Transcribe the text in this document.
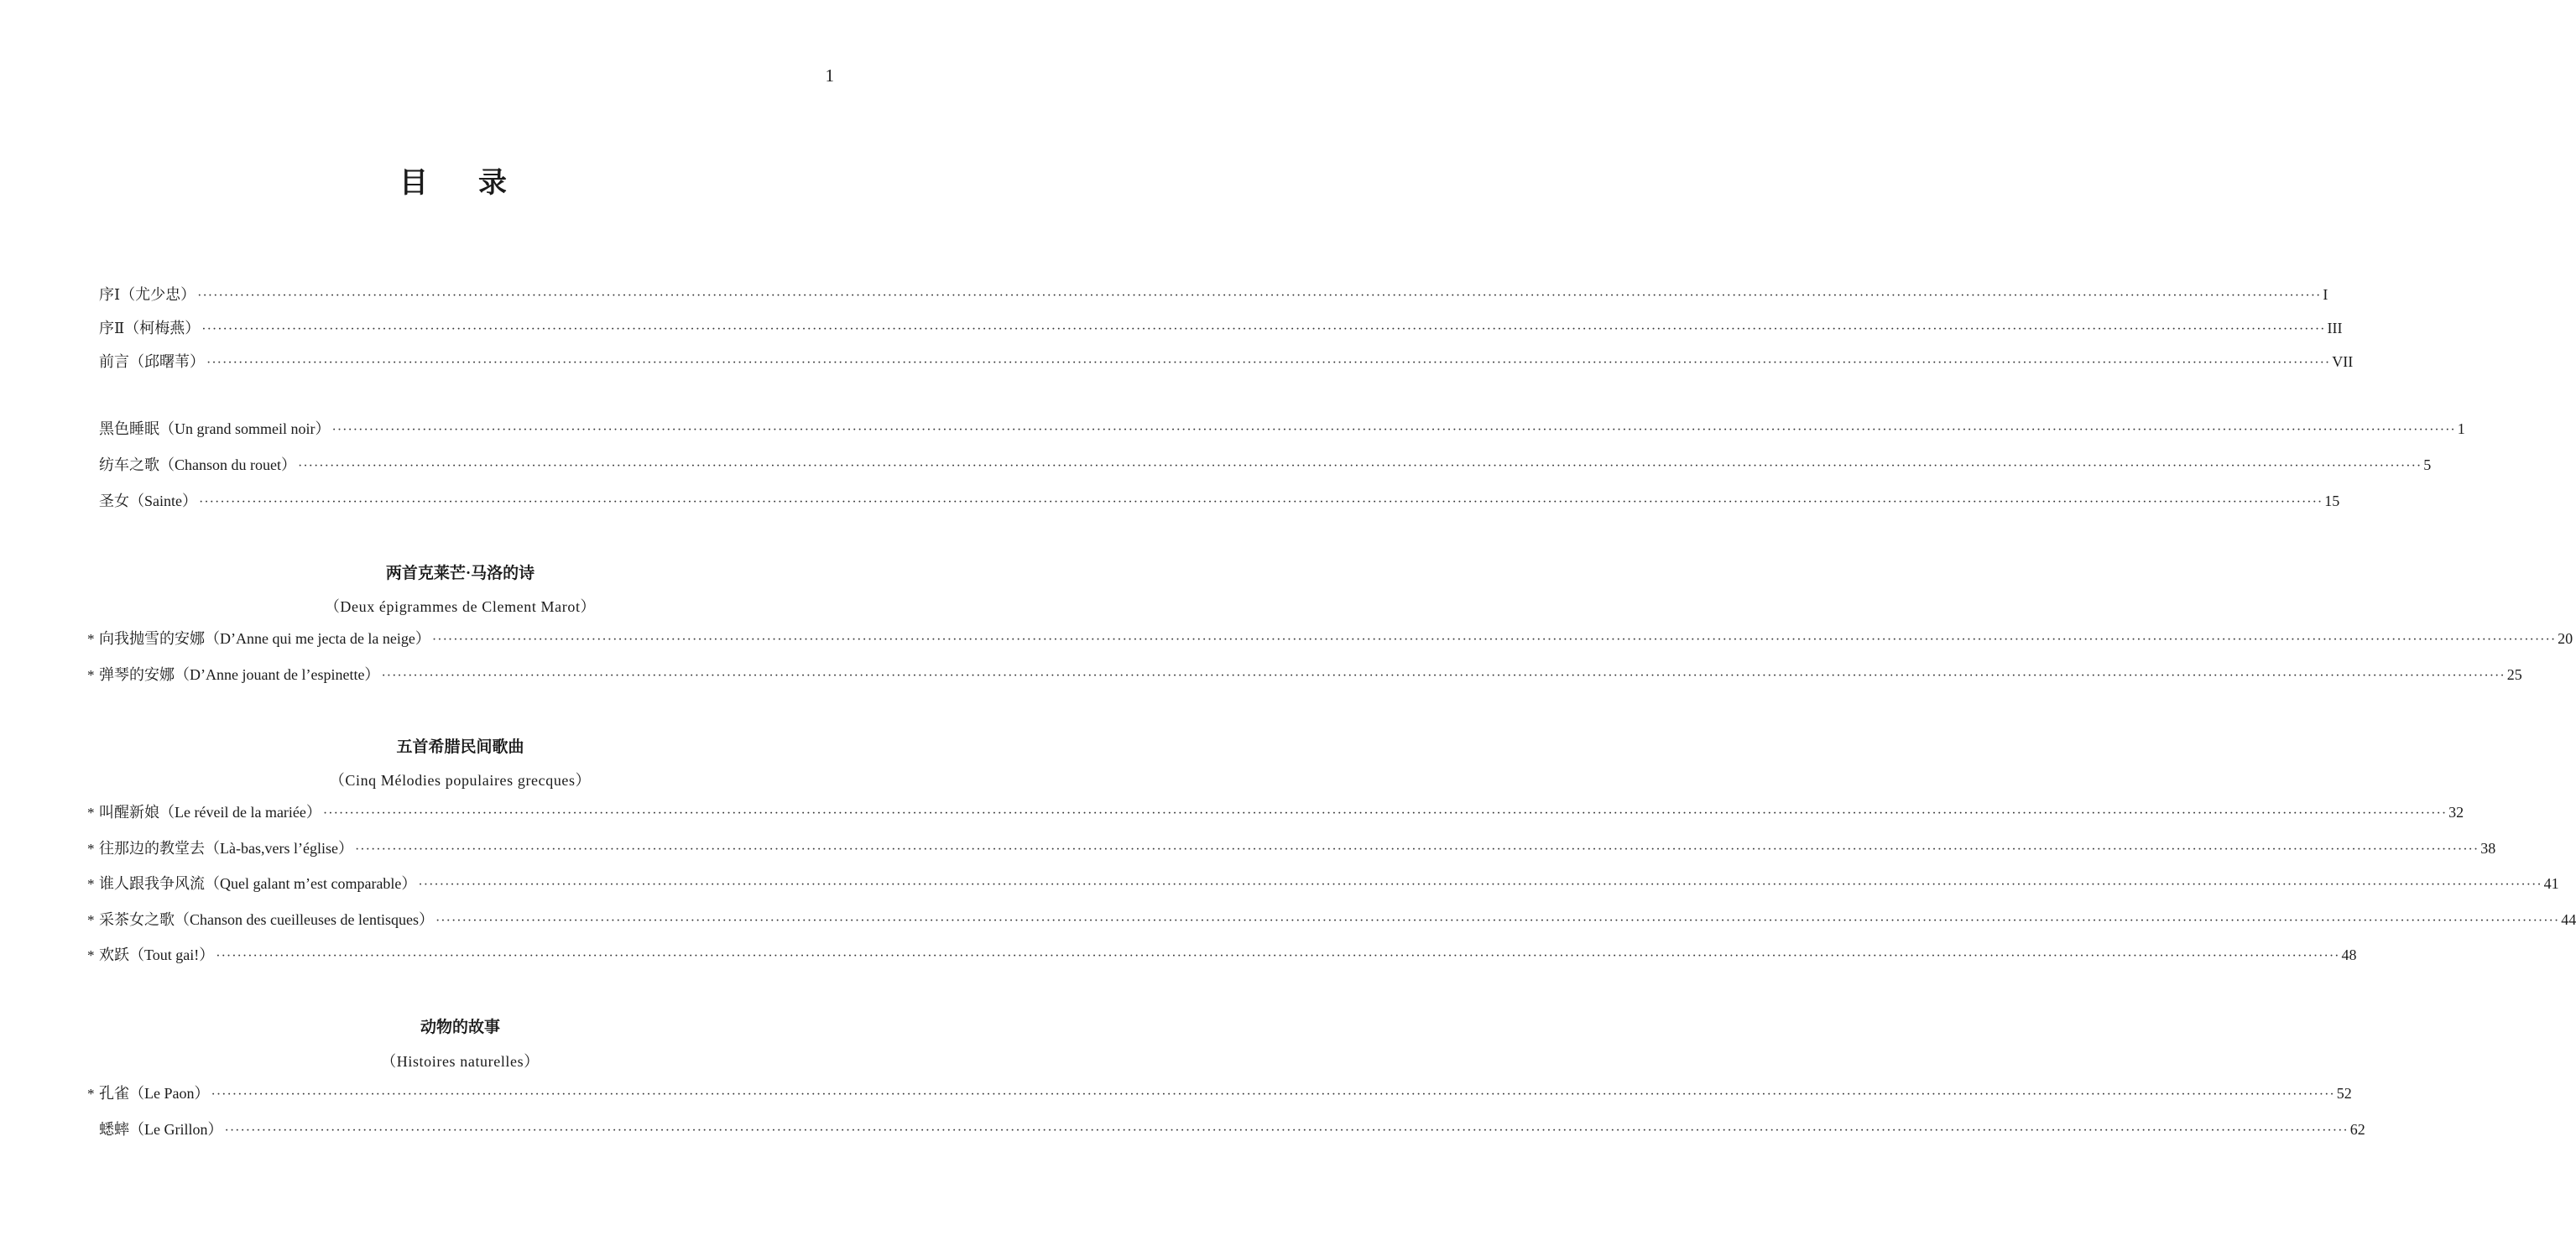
1
目录
序Ⅰ（尤少忠） ················································································································································································································································································································································································································ I
序Ⅱ（柯梅燕） ················································································································································································································································································································································································································ III
前言（邱曙苇） ················································································································································································································································································································································································································ VII
黑色睡眠（Un grand sommeil noir） ················································································································································································································································································································································································································ 1
纺车之歌（Chanson du rouet） ················································································································································································································································································································································································································ 5
圣女（Sainte） ················································································································································································································································································································································································································ 15
两首克莱芒·马洛的诗
（Deux épigrammes de Clement Marot）
* 向我抛雪的安娜（D’Anne qui me jecta de la neige） ················································································································································································································································································································································································································ 20
* 弹琴的安娜（D’Anne jouant de l’espinette） ················································································································································································································································································································································································································ 25
五首希腊民间歌曲
（Cinq Mélodies populaires grecques）
* 叫醒新娘（Le réveil de la mariée） ················································································································································································································································································································································································································ 32
* 往那边的教堂去（Là-bas,vers l’église） ················································································································································································································································································································································································································ 38
* 谁人跟我争风流（Quel galant m’est comparable） ················································································································································································································································································································································································································ 41
* 采茶女之歌（Chanson des cueilleuses de lentisques） ················································································································································································································································································································································································································ 44
* 欢跃（Tout gai!） ················································································································································································································································································································································································································ 48
动物的故事
（Histoires naturelles）
* 孔雀（Le Paon） ················································································································································································································································································································································································································ 52
蟋蟀（Le Grillon） ················································································································································································································································································································································································································ 62
